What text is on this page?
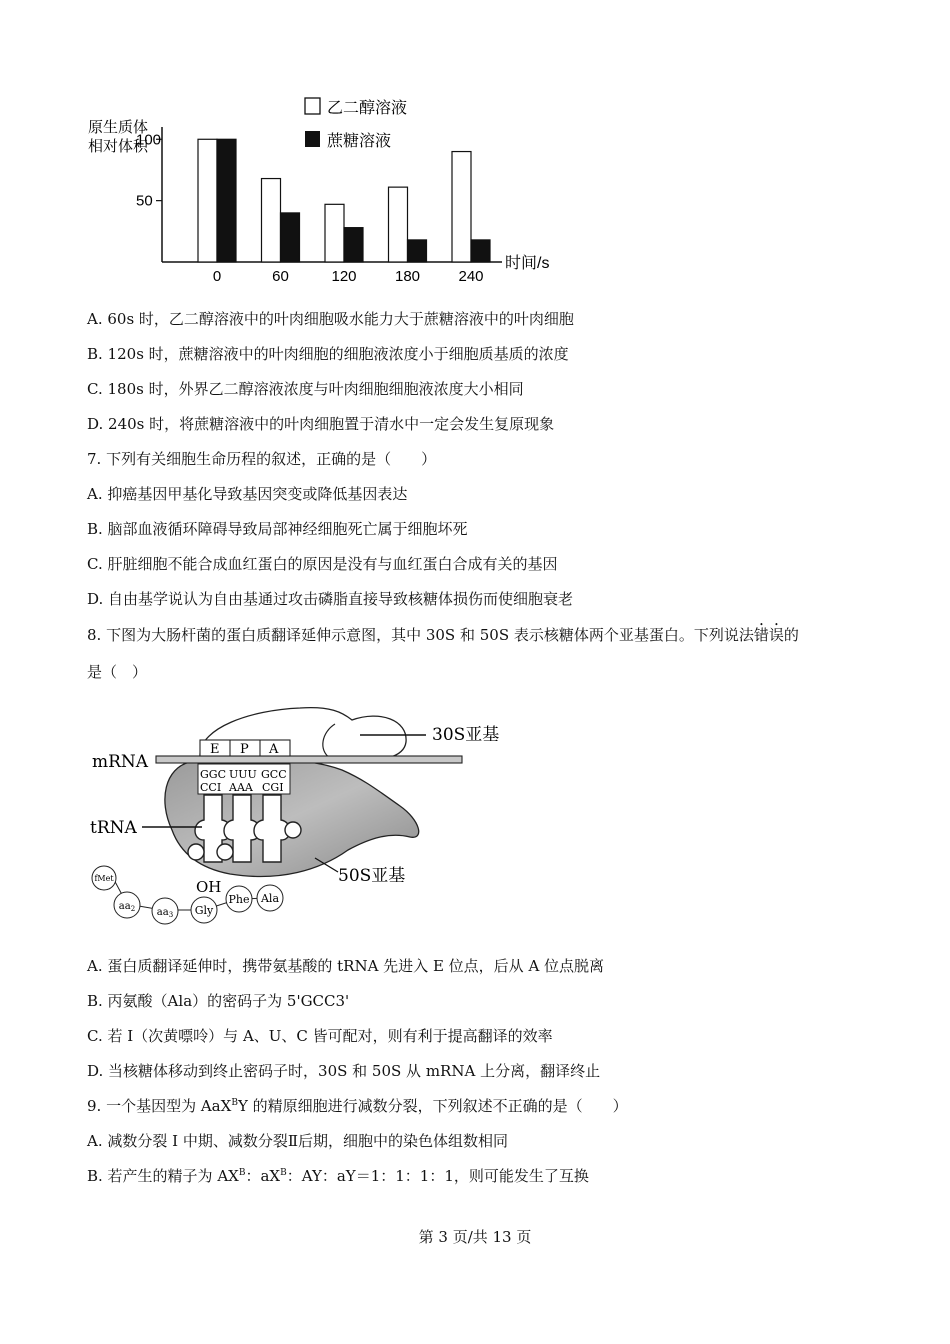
原生质体
相对体积
50
100
0	60	120	180	240
时间/s
乙二醇溶液
蔗糖溶液
A. 60s 时，乙二醇溶液中的叶肉细胞吸水能力大于蔗糖溶液中的叶肉细胞
B. 120s 时，蔗糖溶液中的叶肉细胞的细胞液浓度小于细胞质基质的浓度
C. 180s 时，外界乙二醇溶液浓度与叶肉细胞细胞液浓度大小相同
D. 240s 时，将蔗糖溶液中的叶肉细胞置于清水中一定会发生复原现象
7. 下列有关细胞生命历程的叙述，正确的是（　　）
A. 抑癌基因甲基化导致基因突变或降低基因表达
B. 脑部血液循环障碍导致局部神经细胞死亡属于细胞坏死
C. 肝脏细胞不能合成血红蛋白的原因是没有与血红蛋白合成有关的基因
D. 自由基学说认为自由基通过攻击磷脂直接导致核糖体损伤而使细胞衰老
8. 下图为大肠杆菌的蛋白质翻译延伸示意图，其中 30S 和 50S 表示核糖体两个亚基蛋白。下列说法错误的
是（　）
30S亚基
mRNA
E P A
GGC UUU GCC
CCI AAA CGI
tRNA
50S亚基
OH
fMet
$aa_2$ $aa_3$ Gly
Phe Ala
A. 蛋白质翻译延伸时，携带氨基酸的 tRNA 先进入 E 位点，后从 A 位点脱离
B. 丙氨酸（Ala）的密码子为 5'GCC3'
C. 若 I（次黄嘌呤）与 A、U、C 皆可配对，则有利于提高翻译的效率
D. 当核糖体移动到终止密码子时，30S 和 50S 从 mRNA 上分离，翻译终止
9. 一个基因型为 AaX$^B$Y 的精原细胞进行减数分裂，下列叙述不正确的是（　　）
A. 减数分裂 I 中期、减数分裂Ⅱ后期，细胞中的染色体组数相同
B. 若产生的精子为 $AX^B$：$aX^B$：AY：aY＝1：1：1：1，则可能发生了互换
第 3 页/共 13 页
